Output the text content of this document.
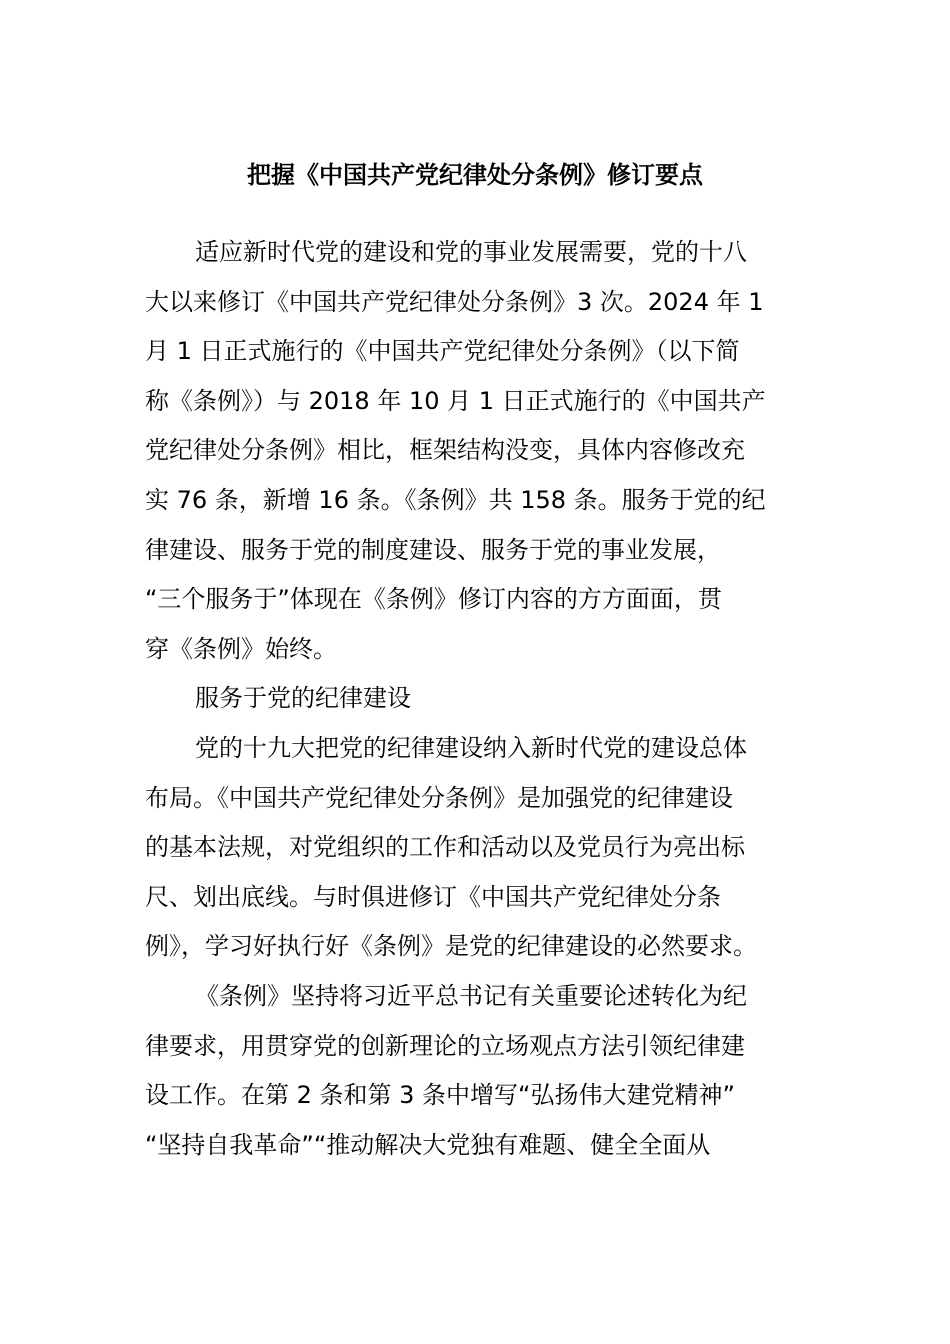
把握《中国共产党纪律处分条例》修订要点
适应新时代党的建设和党的事业发展需要，党的十八
大以来修订《中国共产党纪律处分条例》3 次。2024 年 1
月 1 日正式施行的《中国共产党纪律处分条例》（以下简
称《条例》）与 2018 年 10 月 1 日正式施行的《中国共产
党纪律处分条例》相比，框架结构没变，具体内容修改充
实 76 条，新增 16 条。《条例》共 158 条。服务于党的纪
律建设、服务于党的制度建设、服务于党的事业发展，
“三个服务于”体现在《条例》修订内容的方方面面，贯
穿《条例》始终。
服务于党的纪律建设
党的十九大把党的纪律建设纳入新时代党的建设总体
布局。《中国共产党纪律处分条例》是加强党的纪律建设
的基本法规，对党组织的工作和活动以及党员行为亮出标
尺、划出底线。与时俱进修订《中国共产党纪律处分条
例》，学习好执行好《条例》是党的纪律建设的必然要求。
《条例》坚持将习近平总书记有关重要论述转化为纪
律要求，用贯穿党的创新理论的立场观点方法引领纪律建
设工作。在第 2 条和第 3 条中增写“弘扬伟大建党精神”
“坚持自我革命”“推动解决大党独有难题、健全全面从
